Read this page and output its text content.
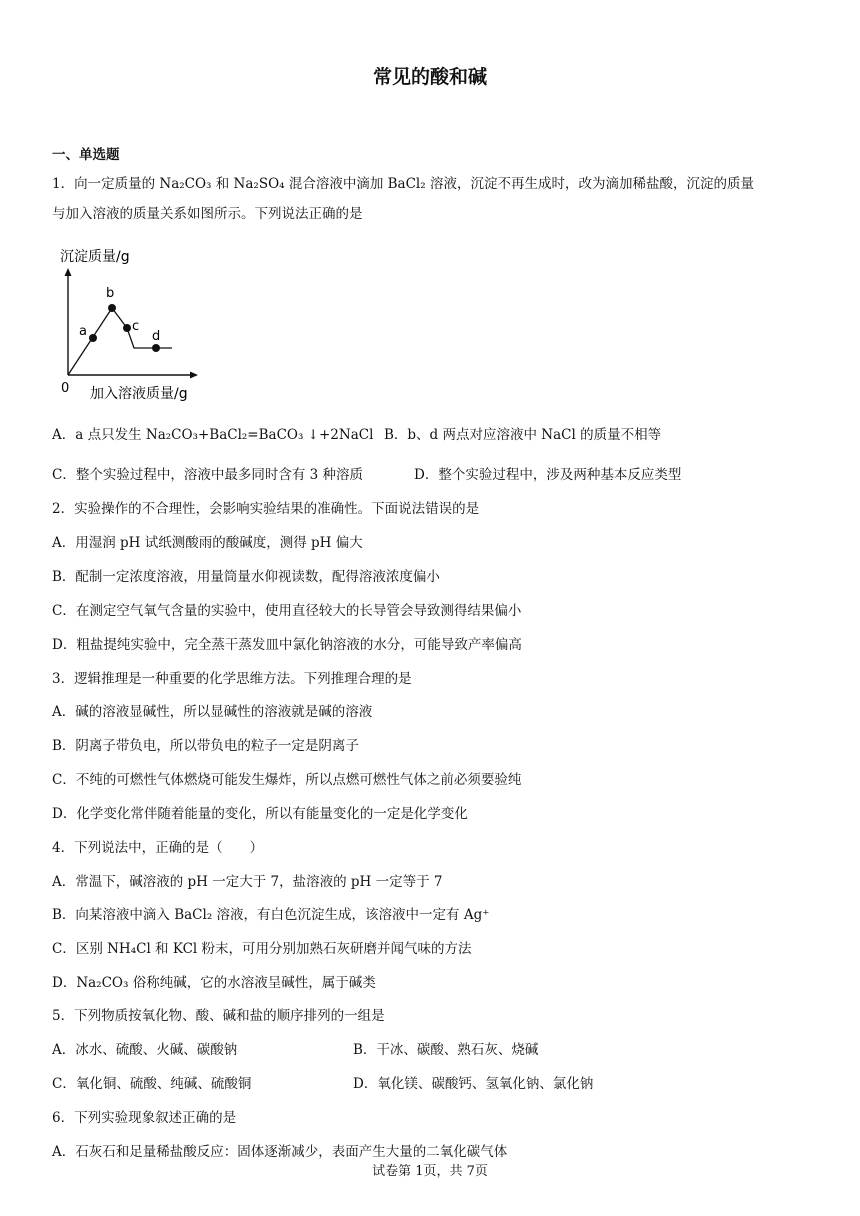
常见的酸和碱
一、单选题
1．向一定质量的 Na₂CO₃ 和 Na₂SO₄ 混合溶液中滴加 BaCl₂ 溶液，沉淀不再生成时，改为滴加稀盐酸，沉淀的质量
与加入溶液的质量关系如图所示。下列说法正确的是
沉淀质量/g
a
b
c
d
0 加入溶液质量/g
A．a 点只发生 Na₂CO₃+BaCl₂=BaCO₃ ↓+2NaCl B．b、d 两点对应溶液中 NaCl 的质量不相等
C．整个实验过程中，溶液中最多同时含有 3 种溶质	D．整个实验过程中，涉及两种基本反应类型
2．实验操作的不合理性，会影响实验结果的准确性。下面说法错误的是
A．用湿润 pH 试纸测酸雨的酸碱度，测得 pH 偏大
B．配制一定浓度溶液，用量筒量水仰视读数，配得溶液浓度偏小
C．在测定空气氧气含量的实验中，使用直径较大的长导管会导致测得结果偏小
D．粗盐提纯实验中，完全蒸干蒸发皿中氯化钠溶液的水分，可能导致产率偏高
3．逻辑推理是一种重要的化学思维方法。下列推理合理的是
A．碱的溶液显碱性，所以显碱性的溶液就是碱的溶液
B．阴离子带负电，所以带负电的粒子一定是阴离子
C．不纯的可燃性气体燃烧可能发生爆炸，所以点燃可燃性气体之前必须要验纯
D．化学变化常伴随着能量的变化，所以有能量变化的一定是化学变化
4．下列说法中，正确的是（　　）
A．常温下，碱溶液的 pH 一定大于 7，盐溶液的 pH 一定等于 7
B．向某溶液中滴入 BaCl₂ 溶液，有白色沉淀生成，该溶液中一定有 Ag⁺
C．区别 NH₄Cl 和 KCl 粉末，可用分别加熟石灰研磨并闻气味的方法
D．Na₂CO₃ 俗称纯碱，它的水溶液呈碱性，属于碱类
5．下列物质按氧化物、酸、碱和盐的顺序排列的一组是
A．冰水、硫酸、火碱、碳酸钠	B．干冰、碳酸、熟石灰、烧碱
C．氧化铜、硫酸、纯碱、硫酸铜	D．氧化镁、碳酸钙、氢氧化钠、氯化钠
6．下列实验现象叙述正确的是
A．石灰石和足量稀盐酸反应：固体逐渐减少，表面产生大量的二氧化碳气体
试卷第 1页，共 7页
